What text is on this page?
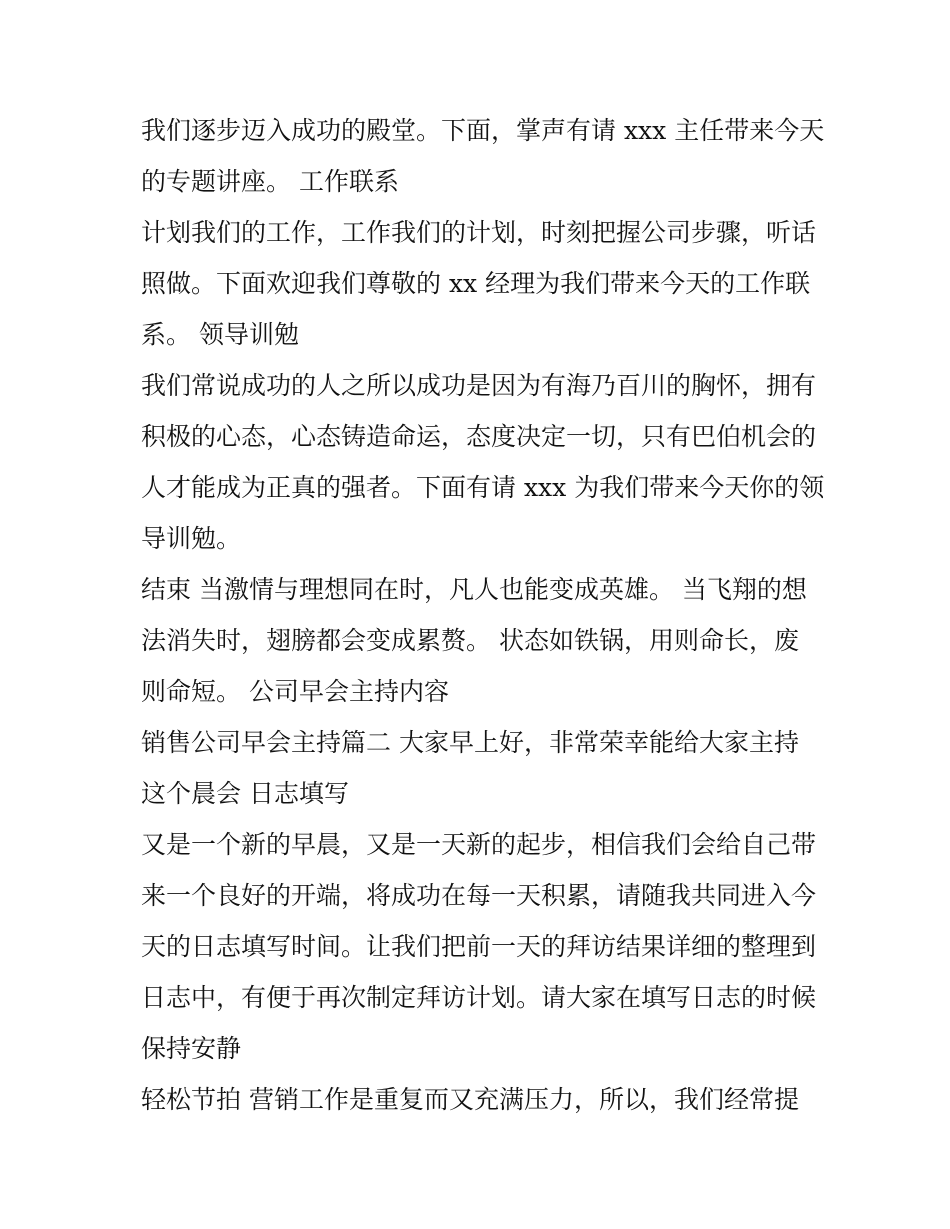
我们逐步迈入成功的殿堂。下面，掌声有请 xxx 主任带来今天
的专题讲座。 工作联系
计划我们的工作，工作我们的计划，时刻把握公司步骤，听话
照做。下面欢迎我们尊敬的 xx 经理为我们带来今天的工作联
系。 领导训勉
我们常说成功的人之所以成功是因为有海乃百川的胸怀，拥有
积极的心态，心态铸造命运，态度决定一切，只有巴伯机会的
人才能成为正真的强者。下面有请 xxx 为我们带来今天你的领
导训勉。
结束 当激情与理想同在时，凡人也能变成英雄。 当飞翔的想
法消失时，翅膀都会变成累赘。 状态如铁锅，用则命长，废
则命短。 公司早会主持内容
销售公司早会主持篇二 大家早上好，非常荣幸能给大家主持
这个晨会 日志填写
又是一个新的早晨，又是一天新的起步，相信我们会给自己带
来一个良好的开端，将成功在每一天积累，请随我共同进入今
天的日志填写时间。让我们把前一天的拜访结果详细的整理到
日志中，有便于再次制定拜访计划。请大家在填写日志的时候
保持安静
轻松节拍 营销工作是重复而又充满压力，所以，我们经常提
